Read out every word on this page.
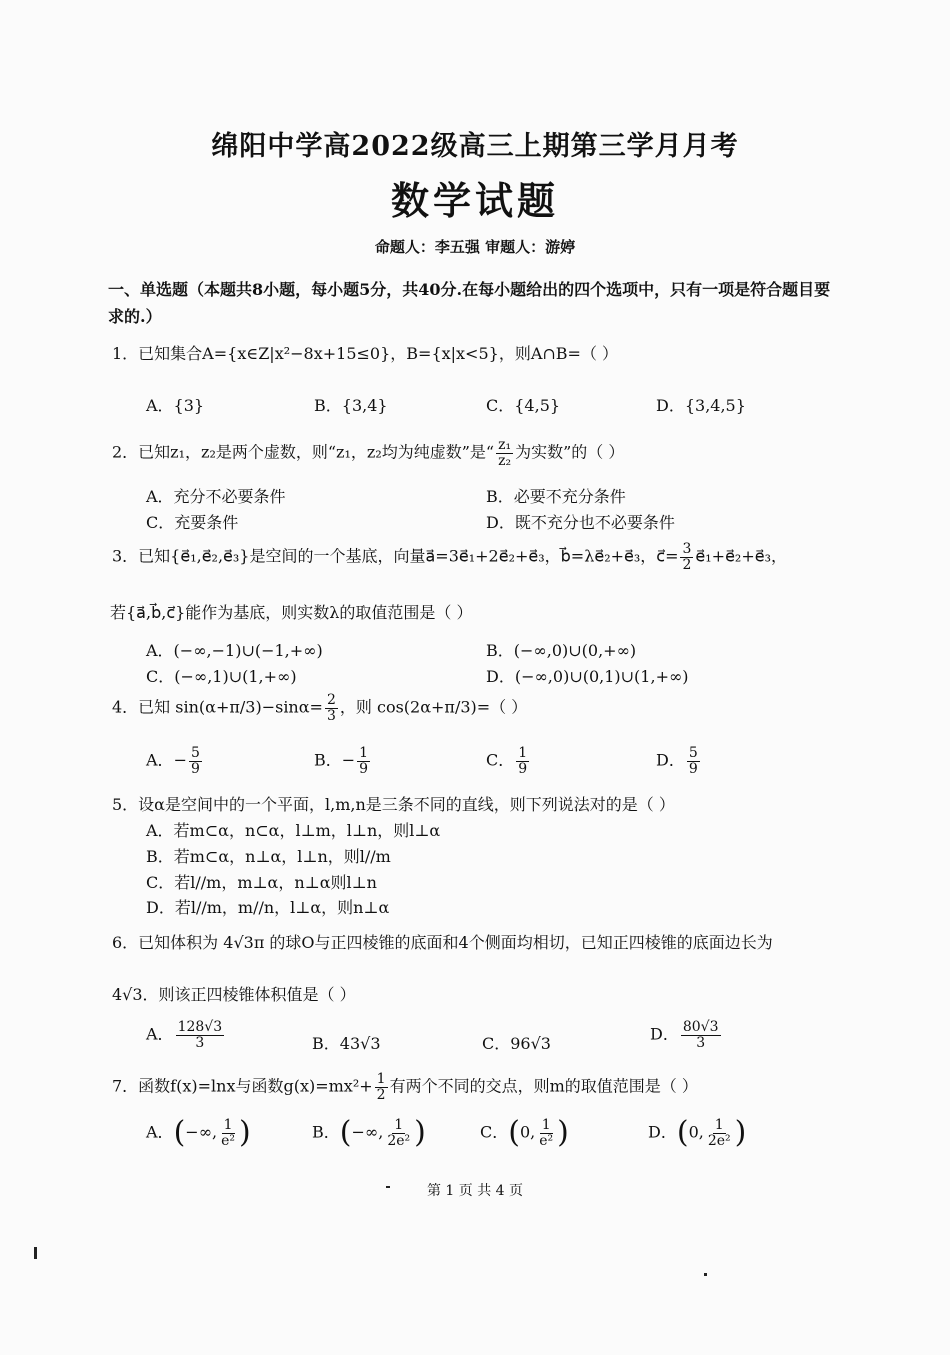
绵阳中学高2022级高三上期第三学月月考
数学试题
命题人：李五强 审题人：游婷
一、单选题（本题共8小题，每小题5分，共40分.在每小题给出的四个选项中，只有一项是符合题目要求的.）
1．已知集合A={x∈Z|x²−8x+15≤0}，B={x|x<5}，则A∩B=（ ）
A．{3}	B．{3,4}	C．{4,5}	D．{3,4,5}
2．已知z₁，z₂是两个虚数，则“z₁，z₂均为纯虚数”是“ $\frac{\text{z₁}}{\text{z₂}}$ 为实数”的（ ）
A．充分不必要条件	B．必要不充分条件
C．充要条件	D．既不充分也不必要条件
3．已知{e⃗₁,e⃗₂,e⃗₃}是空间的一个基底，向量a⃗=3e⃗₁+2e⃗₂+e⃗₃，b⃗=λe⃗₂+e⃗₃，c⃗= $\frac{3}{2}$ e⃗₁+e⃗₂+e⃗₃，
若{a⃗,b⃗,c⃗}能作为基底，则实数λ的取值范围是（ ）
A．(−∞,−1)∪(−1,+∞)	B．(−∞,0)∪(0,+∞)
C．(−∞,1)∪(1,+∞)	D．(−∞,0)∪(0,1)∪(1,+∞)
4．已知 $\sin(\alpha+\pi/3)-\sin\alpha= \frac{2}{3}$ ，则 cos(2α+π/3)=（ ）
A．− $\frac{5}{9}$	B．− $\frac{1}{9}$	C． $\frac{1}{9}$	D． $\frac{5}{9}$
5．设α是空间中的一个平面，l,m,n是三条不同的直线，则下列说法对的是（ ）
A．若m⊂α，n⊂α，l⊥m，l⊥n，则l⊥α
B．若m⊂α，n⊥α，l⊥n，则l//m
C．若l//m，m⊥α，n⊥α则l⊥n
D．若l//m，m//n，l⊥α，则n⊥α
6．已知体积为 4√3π 的球O与正四棱锥的底面和4个侧面均相切，已知正四棱锥的底面边长为
4√3．则该正四棱锥体积值是（ ）
A． $\frac{128√3}{3}$	B．43√3	C．96√3	D． $\frac{80√3}{3}$
7．函数f(x)=lnx与函数$g(x)=mx^2+ \frac{1}{2}$ 有两个不同的交点，则m的取值范围是（ ）
A．(−∞, $\frac{1}{\text{e²}}$ )	B．(−∞, $\frac{1}{\text{2e²}}$ )	C．(0, $\frac{1}{\text{e²}}$ )	D．(0, $\frac{1}{\text{2e²}}$ )
第 1 页 共 4 页
